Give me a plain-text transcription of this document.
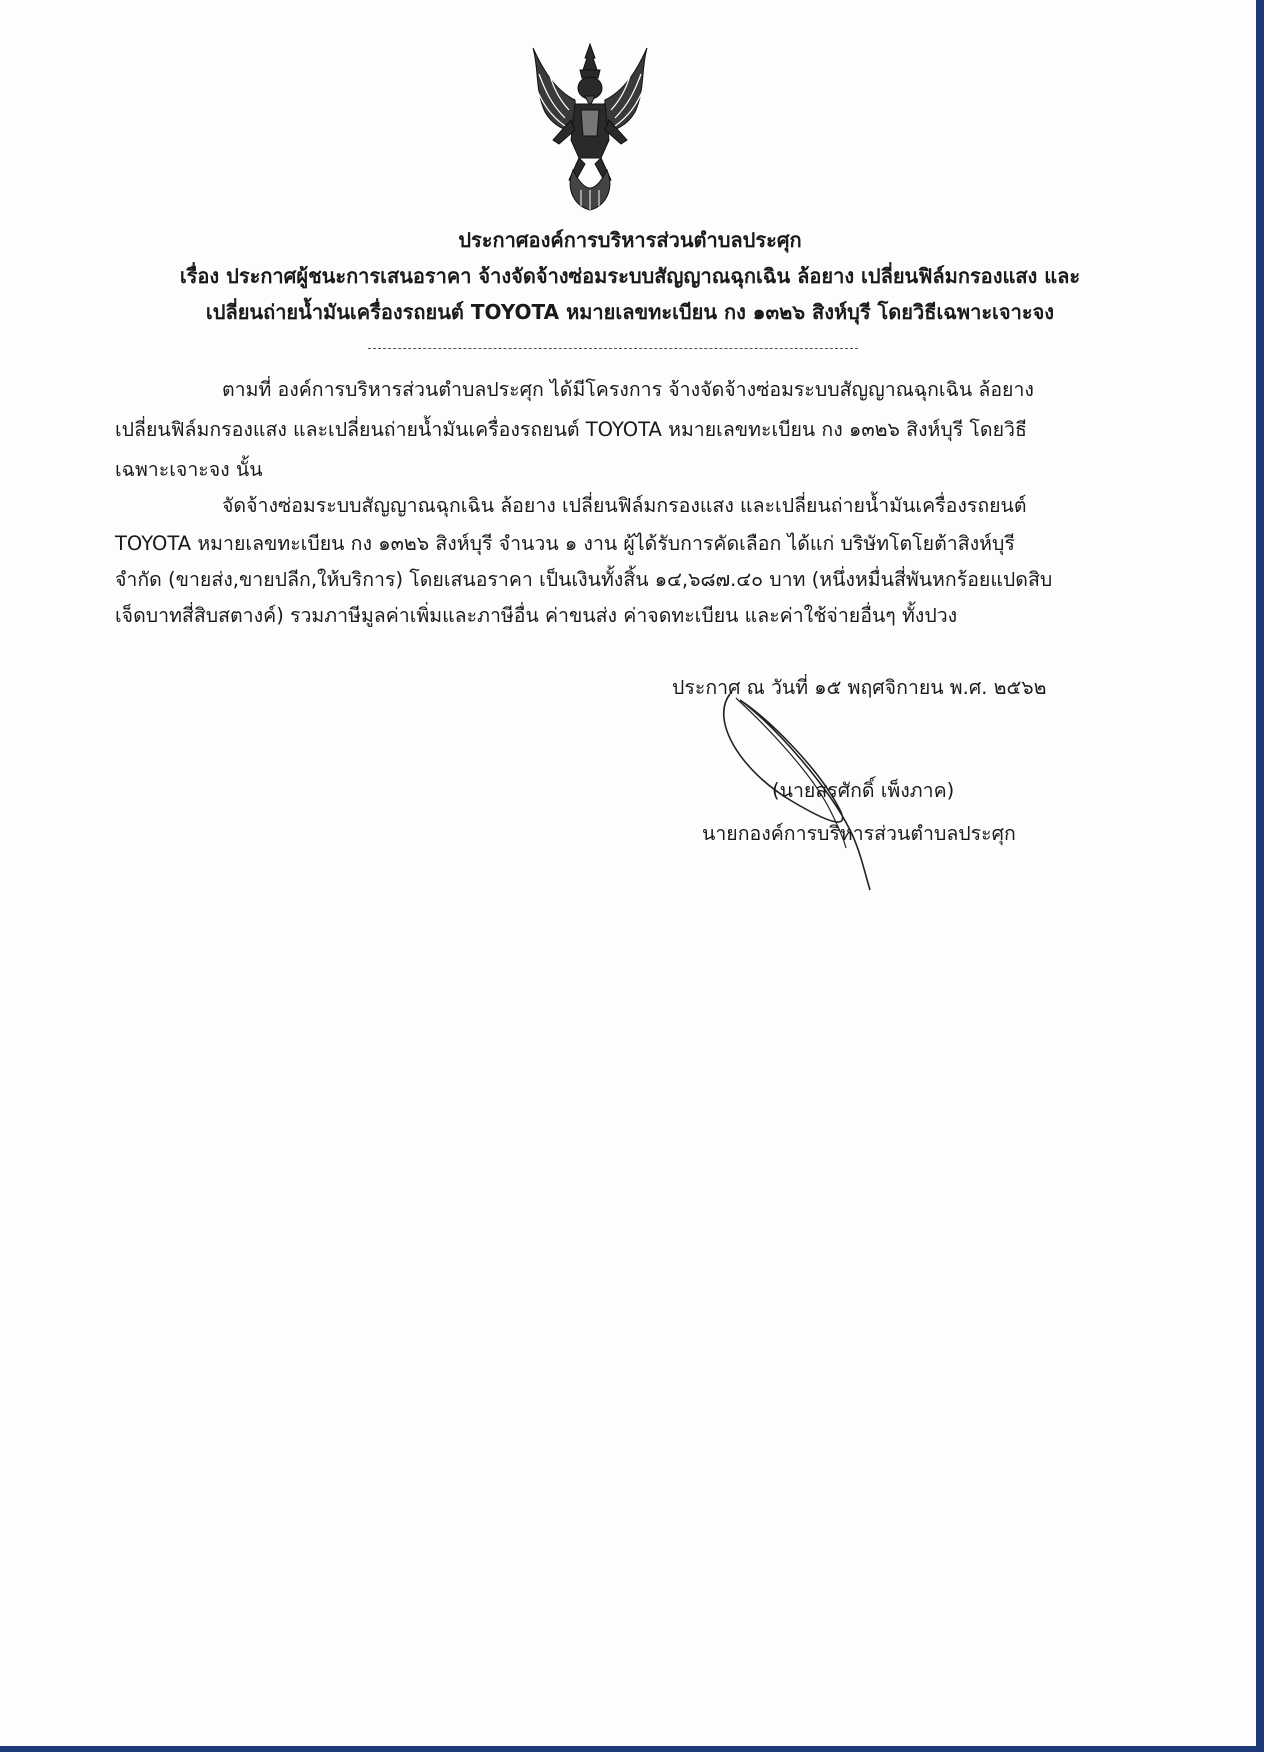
ประกาศองค์การบริหารส่วนตำบลประศุก
เรื่อง ประกาศผู้ชนะการเสนอราคา จ้างจัดจ้างซ่อมระบบสัญญาณฉุกเฉิน ล้อยาง เปลี่ยนฟิล์มกรองแสง และ
เปลี่ยนถ่ายน้ำมันเครื่องรถยนต์ TOYOTA หมายเลขทะเบียน กง ๑๓๒๖ สิงห์บุรี โดยวิธีเฉพาะเจาะจง
ตามที่ องค์การบริหารส่วนตำบลประศุก ได้มีโครงการ จ้างจัดจ้างซ่อมระบบสัญญาณฉุกเฉิน ล้อยาง
เปลี่ยนฟิล์มกรองแสง และเปลี่ยนถ่ายน้ำมันเครื่องรถยนต์ TOYOTA หมายเลขทะเบียน กง ๑๓๒๖ สิงห์บุรี โดยวิธี
เฉพาะเจาะจง นั้น
จัดจ้างซ่อมระบบสัญญาณฉุกเฉิน ล้อยาง เปลี่ยนฟิล์มกรองแสง และเปลี่ยนถ่ายน้ำมันเครื่องรถยนต์
TOYOTA หมายเลขทะเบียน กง ๑๓๒๖ สิงห์บุรี จำนวน ๑ งาน ผู้ได้รับการคัดเลือก ได้แก่ บริษัทโตโยต้าสิงห์บุรี
จำกัด (ขายส่ง,ขายปลีก,ให้บริการ) โดยเสนอราคา เป็นเงินทั้งสิ้น ๑๔,๖๘๗.๔๐ บาท (หนึ่งหมื่นสี่พันหกร้อยแปดสิบ
เจ็ดบาทสี่สิบสตางค์) รวมภาษีมูลค่าเพิ่มและภาษีอื่น ค่าขนส่ง ค่าจดทะเบียน และค่าใช้จ่ายอื่นๆ ทั้งปวง
ประกาศ ณ วันที่ ๑๕ พฤศจิกายน พ.ศ. ๒๕๖๒
(นายสรศักดิ์ เพ็งภาค)
นายกองค์การบริหารส่วนตำบลประศุก
